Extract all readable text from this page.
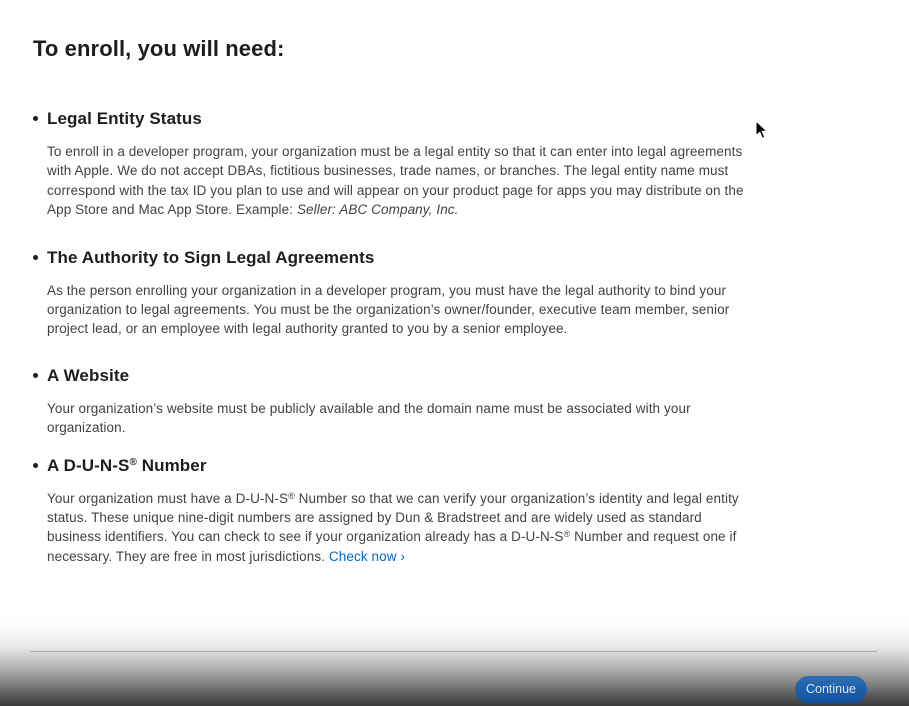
To enroll, you will need:
Legal Entity Status

To enroll in a developer program, your organization must be a legal entity so that it can enter into legal agreements with Apple. We do not accept DBAs, fictitious businesses, trade names, or branches. The legal entity name must correspond with the tax ID you plan to use and will appear on your product page for apps you may distribute on the App Store and Mac App Store. Example: Seller: ABC Company, Inc.

The Authority to Sign Legal Agreements

As the person enrolling your organization in a developer program, you must have the legal authority to bind your organization to legal agreements. You must be the organization’s owner/founder, executive team member, senior project lead, or an employee with legal authority granted to you by a senior employee.

A Website

Your organization’s website must be publicly available and the domain name must be associated with your organization.

A D-U-N-S® Number

Your organization must have a D-U-N-S® Number so that we can verify your organization’s identity and legal entity status. These unique nine-digit numbers are assigned by Dun & Bradstreet and are widely used as standard business identifiers. You can check to see if your organization already has a D-U-N-S® Number and request one if necessary. They are free in most jurisdictions. Check now ›

Continue
